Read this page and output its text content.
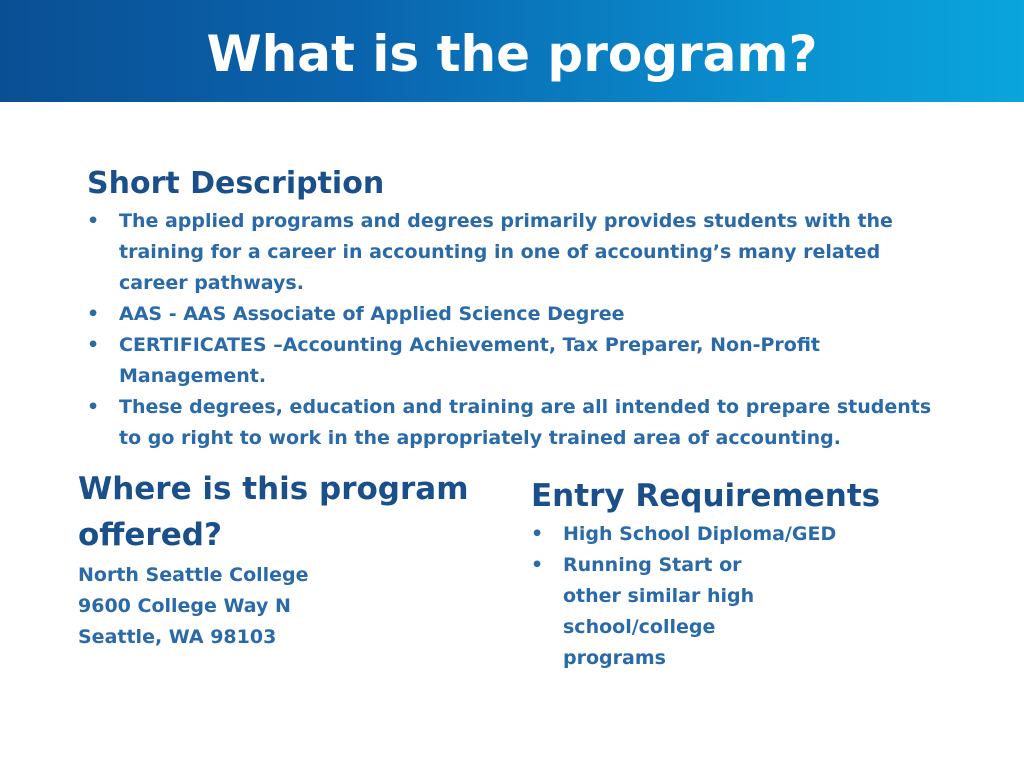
What is the program?
Short Description
• The applied programs and degrees primarily provides students with the training for a career in accounting in one of accounting’s many related career pathways.
• AAS - AAS Associate of Applied Science Degree
• CERTIFICATES –Accounting Achievement, Tax Preparer, Non-Profit Management.
• These degrees, education and training are all intended to prepare students to go right to work in the appropriately trained area of accounting.
Where is this program offered?
North Seattle College
9600 College Way N
Seattle, WA 98103
Entry Requirements
• High School Diploma/GED
• Running Start or other similar high school/college programs
